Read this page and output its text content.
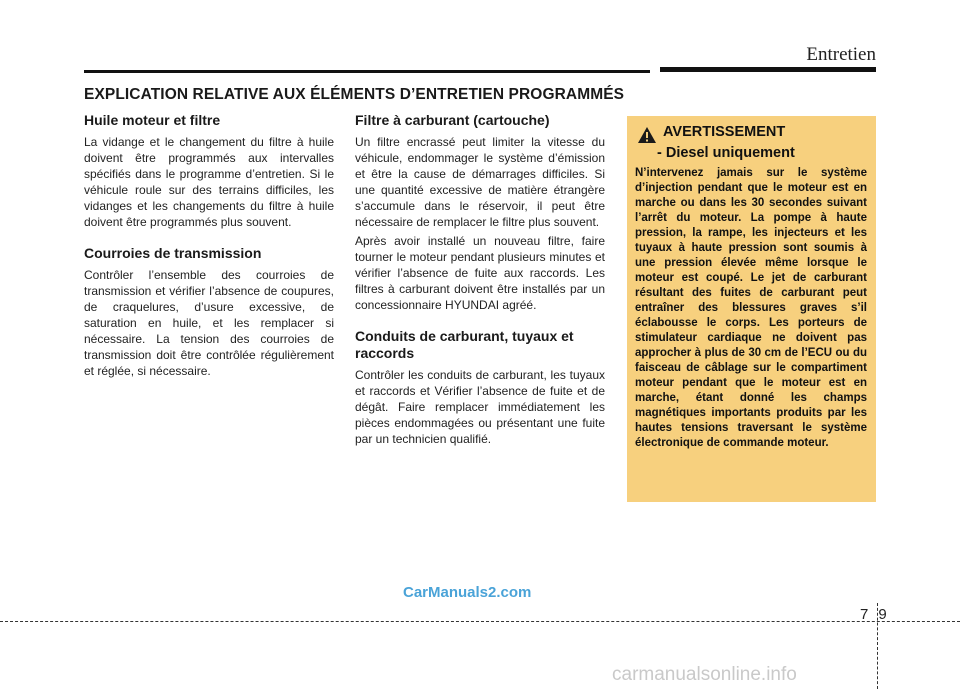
Entretien
EXPLICATION RELATIVE AUX ÉLÉMENTS D’ENTRETIEN PROGRAMMÉS
Huile moteur et filtre

La vidange et le changement du filtre à huile doivent être programmés aux intervalles spécifiés dans le programme d’entretien. Si le véhicule roule sur des terrains difficiles, les vidanges et les changements du filtre à huile doivent être programmés plus souvent.

Courroies de transmission

Contrôler l’ensemble des courroies de transmission et vérifier l’absence de coupures, de craquelures, d’usure excessive, de saturation en huile, et les remplacer si nécessaire. La tension des courroies de transmission doit être contrôlée régulièrement et réglée, si nécessaire.

Filtre à carburant (cartouche)

Un filtre encrassé peut limiter la vitesse du véhicule, endommager le système d’émission et être la cause de démarrages difficiles. Si une quantité excessive de matière étrangère s’accumule dans le réservoir, il peut être nécessaire de remplacer le filtre plus souvent.

Après avoir installé un nouveau filtre, faire tourner le moteur pendant plusieurs minutes et vérifier l’absence de fuite aux raccords. Les filtres à carburant doivent être installés par un concessionnaire HYUNDAI agréé.

Conduits de carburant, tuyaux et raccords

Contrôler les conduits de carburant, les tuyaux et raccords et Vérifier l’absence de fuite et de dégât. Faire remplacer immédiatement les pièces endommagées ou présentant une fuite par un technicien qualifié.

AVERTISSEMENT
- Diesel uniquement

N’intervenez jamais sur le système d’injection pendant que le moteur est en marche ou dans les 30 secondes suivant l’arrêt du moteur. La pompe à haute pression, la rampe, les injecteurs et les tuyaux à haute pression sont soumis à une pression élevée même lorsque le moteur est coupé. Le jet de carburant résultant des fuites de carburant peut entraîner des blessures graves s’il éclabousse le corps. Les porteurs de stimulateur cardiaque ne doivent pas approcher à plus de 30 cm de l’ECU ou du faisceau de câblage sur le compartiment moteur pendant que le moteur est en marche, étant donné les champs magnétiques importants produits par les hautes tensions traversant le système électronique de commande moteur.

CarManuals2.com
7 9
carmanualsonline.info
